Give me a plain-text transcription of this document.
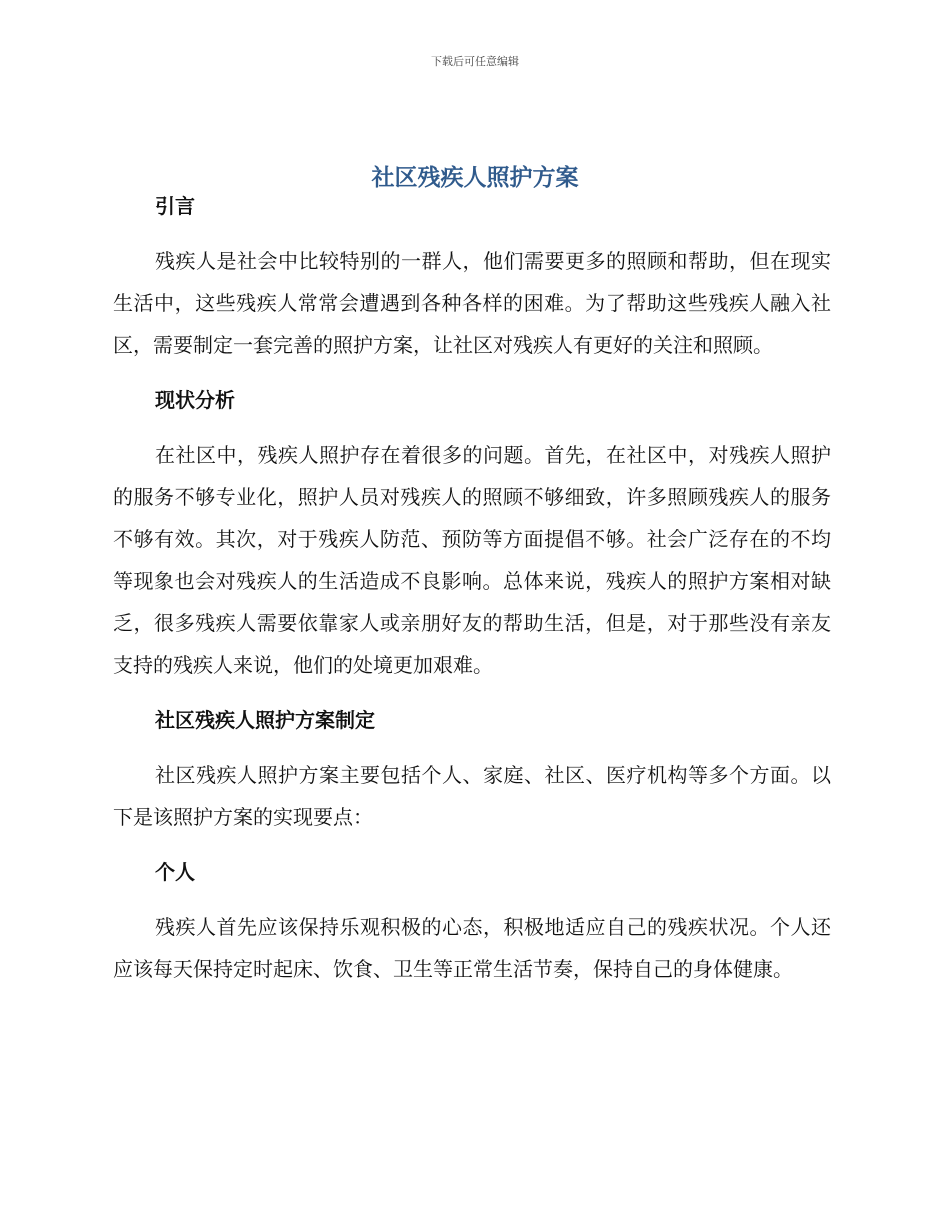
下载后可任意编辑
社区残疾人照护方案
引言

残疾人是社会中比较特别的一群人，他们需要更多的照顾和帮助，但在现实生活中，这些残疾人常常会遭遇到各种各样的困难。为了帮助这些残疾人融入社区，需要制定一套完善的照护方案，让社区对残疾人有更好的关注和照顾。

现状分析

在社区中，残疾人照护存在着很多的问题。首先，在社区中，对残疾人照护的服务不够专业化，照护人员对残疾人的照顾不够细致，许多照顾残疾人的服务不够有效。其次，对于残疾人防范、预防等方面提倡不够。社会广泛存在的不均等现象也会对残疾人的生活造成不良影响。总体来说，残疾人的照护方案相对缺乏，很多残疾人需要依靠家人或亲朋好友的帮助生活，但是，对于那些没有亲友支持的残疾人来说，他们的处境更加艰难。

社区残疾人照护方案制定

社区残疾人照护方案主要包括个人、家庭、社区、医疗机构等多个方面。以下是该照护方案的实现要点：

个人

残疾人首先应该保持乐观积极的心态，积极地适应自己的残疾状况。个人还应该每天保持定时起床、饮食、卫生等正常生活节奏，保持自己的身体健康。
